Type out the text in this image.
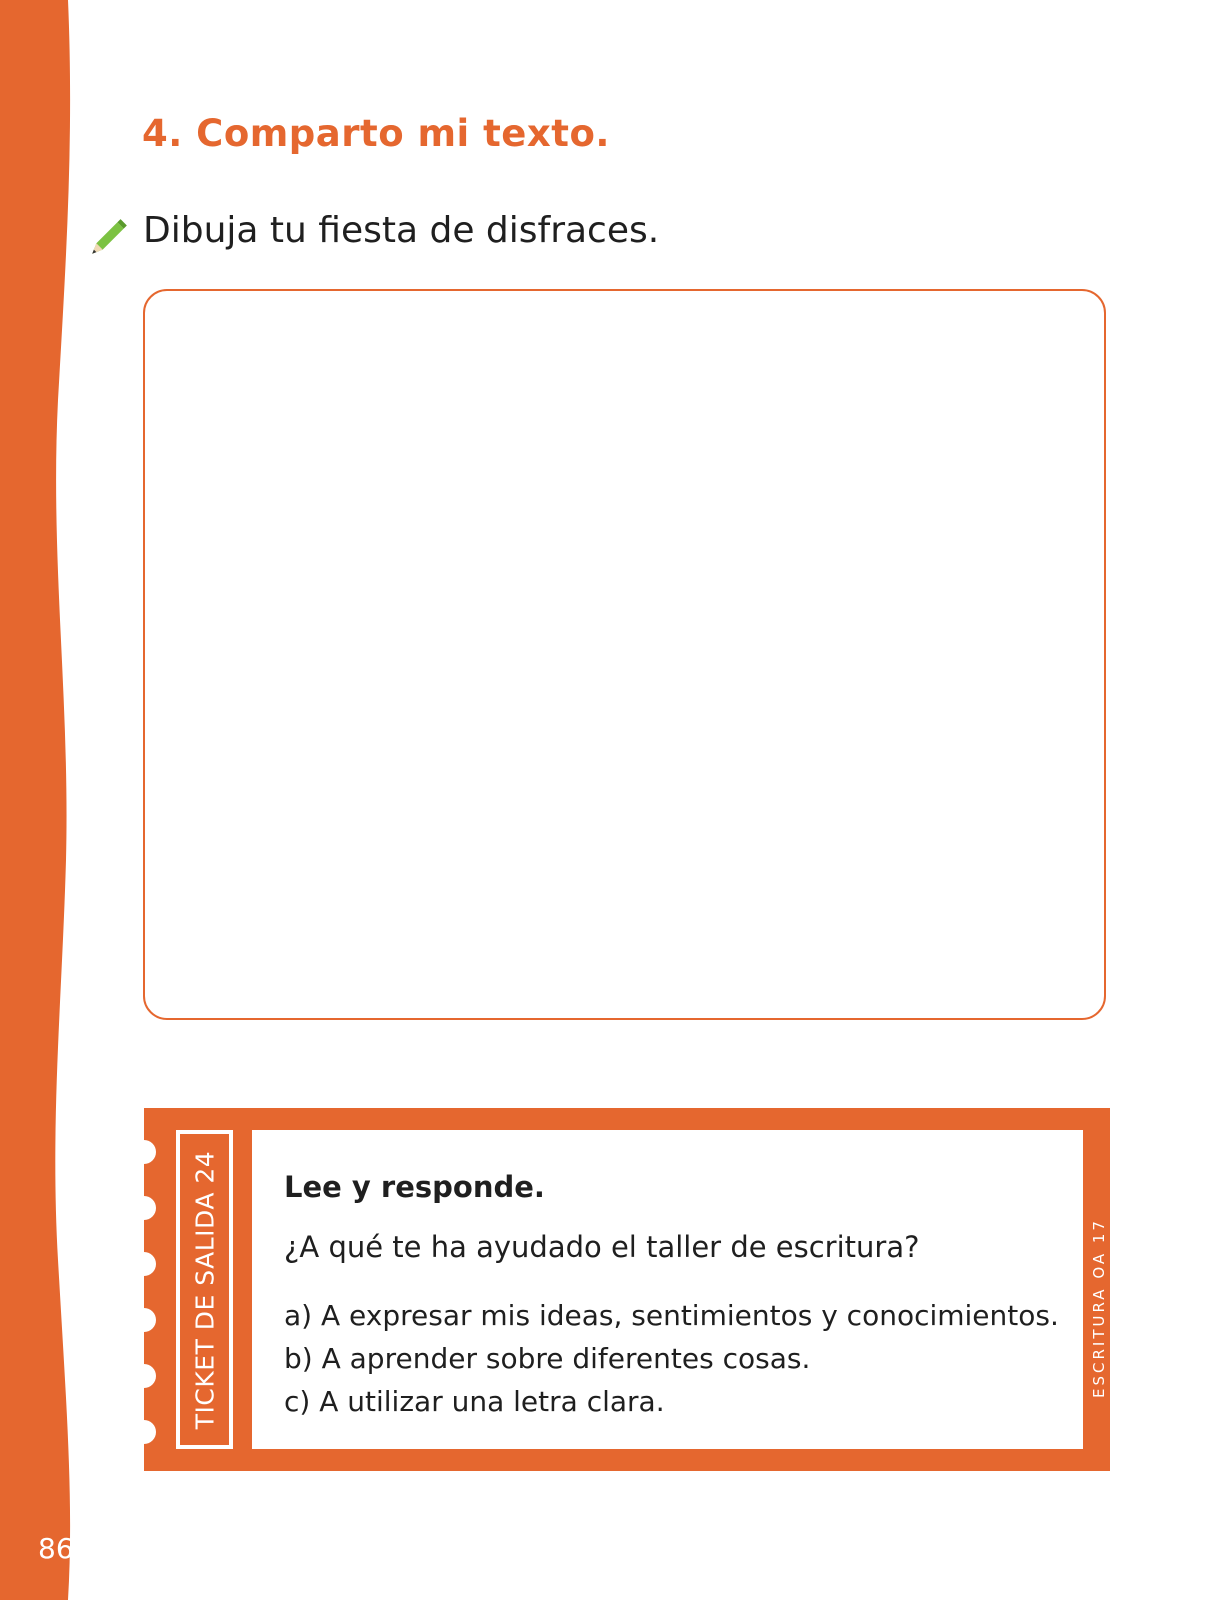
86
4. Comparto mi texto.
Dibuja tu fiesta de disfraces.
TICKET DE SALIDA 24 Lee y responde.
¿A qué te ha ayudado el taller de escritura?
a) A expresar mis ideas, sentimientos y conocimientos.
b) A aprender sobre diferentes cosas.
c) A utilizar una letra clara.
ESCRITURA OA 17
